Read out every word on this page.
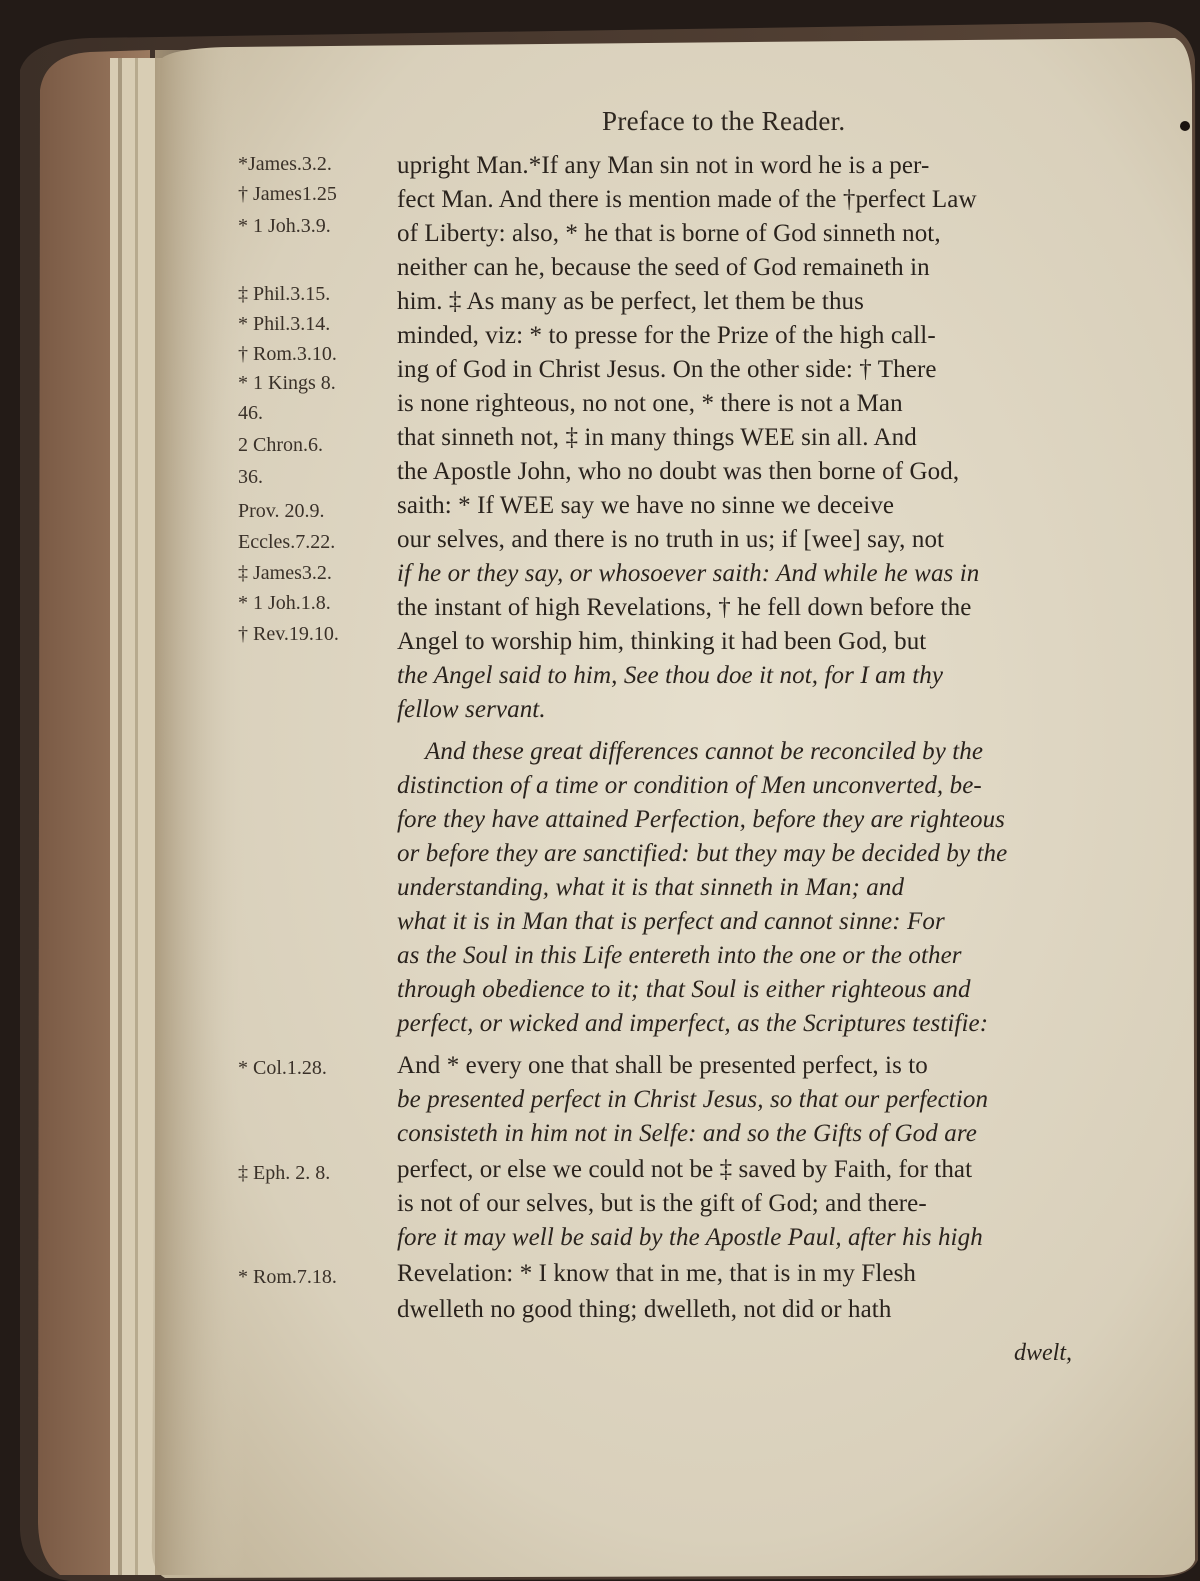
Preface to the Reader.
*James.3.2.
† James1.25
* 1 Joh.3.9.
‡ Phil.3.15.
* Phil.3.14.
† Rom.3.10.
* 1 Kings 8.
46.
2 Chron.6.
36.
Prov. 20.9.
Eccles.7.22.
‡ James3.2.
* 1 Joh.1.8.
† Rev.19.10.
* Col.1.28.
‡ Eph. 2. 8.
* Rom.7.18.
upright Man.*If any Man sin not in word he is a per-
fect Man. And there is mention made of the †perfect Law
of Liberty: also, * he that is borne of God sinneth not,
neither can he, because the seed of God remaineth in
him. ‡ As many as be perfect, let them be thus
minded, viz: * to presse for the Prize of the high call-
ing of God in Christ Jesus. On the other side: † There
is none righteous, no not one, * there is not a Man
that sinneth not, ‡ in many things WEE sin all. And
the Apostle John, who no doubt was then borne of God,
saith: * If WEE say we have no sinne we deceive
our selves, and there is no truth in us; if [wee] say, not
if he or they say, or whosoever saith: And while he was in
the instant of high Revelations, † he fell down before the
Angel to worship him, thinking it had been God, but
the Angel said to him, See thou doe it not, for I am thy
fellow servant.
And these great differences cannot be reconciled by the
distinction of a time or condition of Men unconverted, be-
fore they have attained Perfection, before they are righteous
or before they are sanctified: but they may be decided by the
understanding, what it is that sinneth in Man; and
what it is in Man that is perfect and cannot sinne: For
as the Soul in this Life entereth into the one or the other
through obedience to it; that Soul is either righteous and
perfect, or wicked and imperfect, as the Scriptures testifie:
And * every one that shall be presented perfect, is to
be presented perfect in Christ Jesus, so that our perfection
consisteth in him not in Selfe: and so the Gifts of God are
perfect, or else we could not be ‡ saved by Faith, for that
is not of our selves, but is the gift of God; and there-
fore it may well be said by the Apostle Paul, after his high
Revelation: * I know that in me, that is in my Flesh
dwelleth no good thing; dwelleth, not did or hath
dwelt,
